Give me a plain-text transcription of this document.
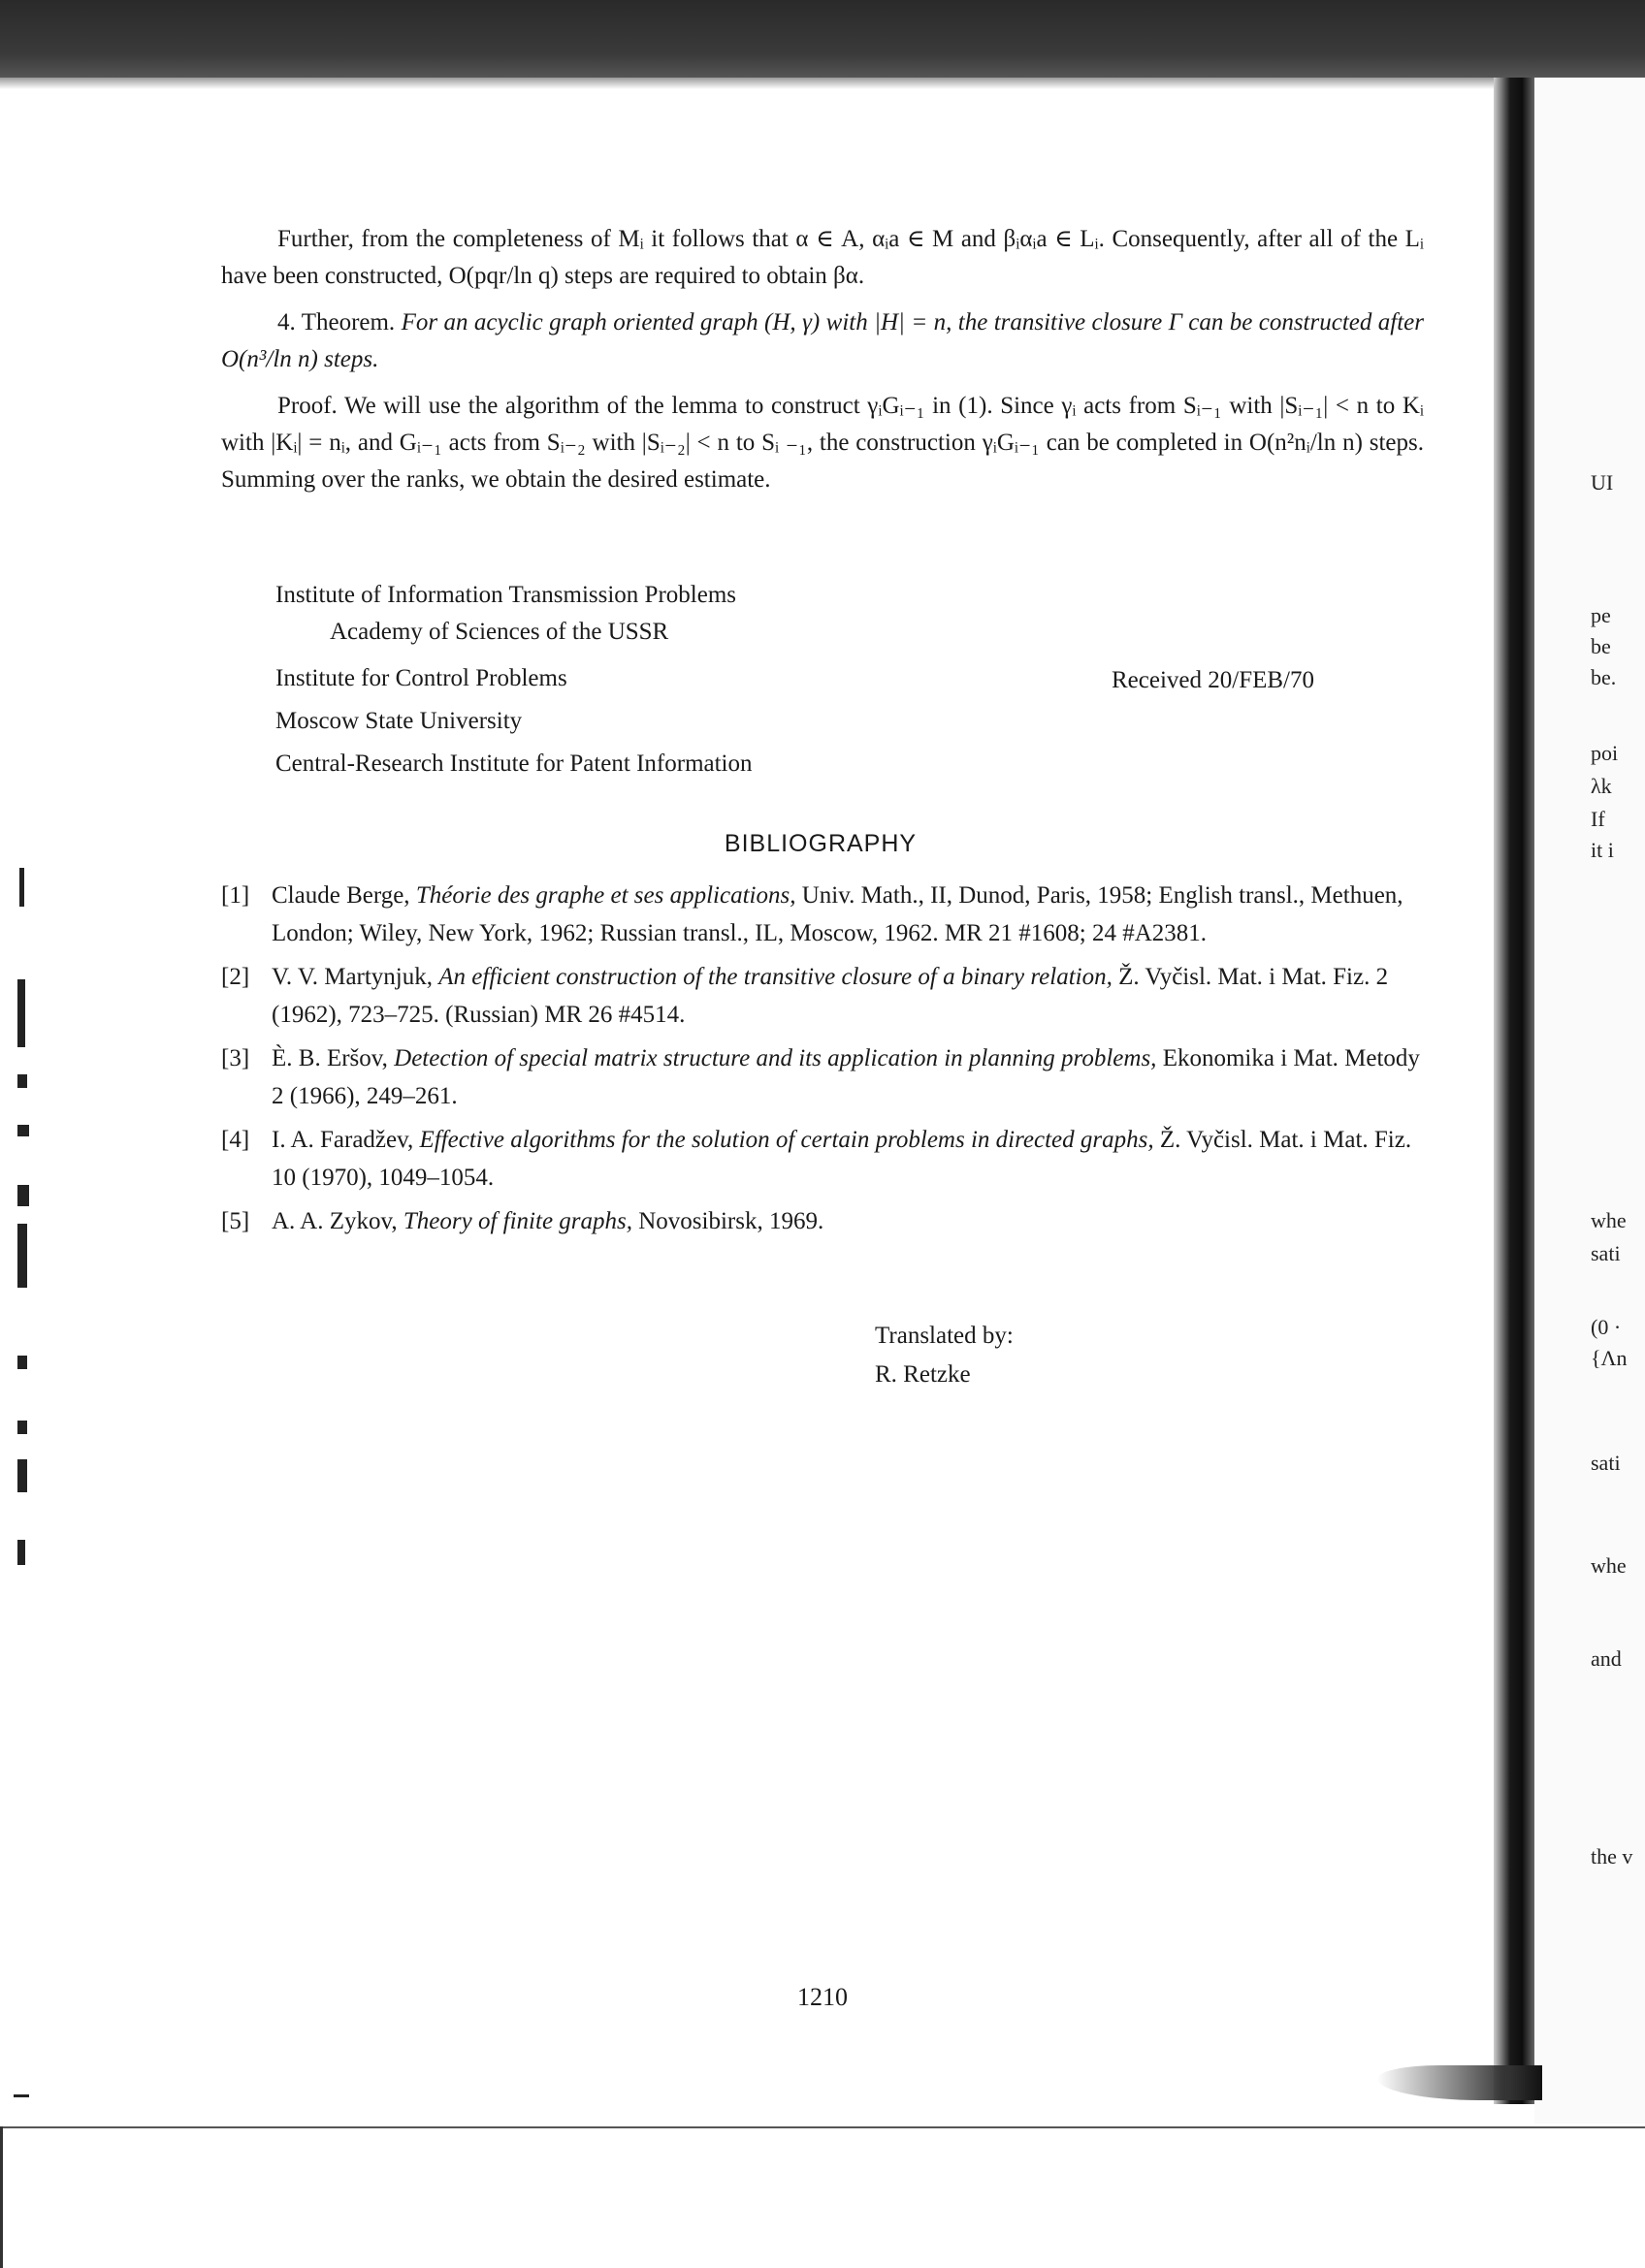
Further, from the completeness of Mᵢ it follows that α ∈ A, αᵢa ∈ M and βᵢαᵢa ∈ Lᵢ. Consequently, after all of the Lᵢ have been constructed, O(pqr/ln q) steps are required to obtain βα.

4. Theorem. For an acyclic graph oriented graph (H, γ) with |H| = n, the transitive closure Γ can be constructed after O(n³/ln n) steps.

Proof. We will use the algorithm of the lemma to construct γᵢGᵢ₋₁ in (1). Since γᵢ acts from Sᵢ₋₁ with |Sᵢ₋₁| < n to Kᵢ with |Kᵢ| = nᵢ, and Gᵢ₋₁ acts from Sᵢ₋₂ with |Sᵢ₋₂| < n to Sᵢ ₋₁, the construction γᵢGᵢ₋₁ can be completed in O(n²nᵢ/ln n) steps. Summing over the ranks, we obtain the desired estimate.

Institute of Information Transmission Problems
Academy of Sciences of the USSR
Institute for Control Problems
Moscow State University
Central-Research Institute for Patent Information
Received 20/FEB/70
BIBLIOGRAPHY
[1] Claude Berge, Théorie des graphe et ses applications, Univ. Math., II, Dunod, Paris, 1958; English transl., Methuen, London; Wiley, New York, 1962; Russian transl., IL, Moscow, 1962. MR 21 #1608; 24 #A2381.
[2] V. V. Martynjuk, An efficient construction of the transitive closure of a binary relation, Ž. Vyčisl. Mat. i Mat. Fiz. 2 (1962), 723–725. (Russian) MR 26 #4514.
[3] È. B. Eršov, Detection of special matrix structure and its application in planning problems, Ekonomika i Mat. Metody 2 (1966), 249–261.
[4] I. A. Faradžev, Effective algorithms for the solution of certain problems in directed graphs, Ž. Vyčisl. Mat. i Mat. Fiz. 10 (1970), 1049–1054.
[5] A. A. Zykov, Theory of finite graphs, Novosibirsk, 1969.
Translated by:
R. Retzke
1210
UI
pe
be
be.
poi
λk
If
it i
whe
sati
(0 ·
{Λn
sati
whe
and
the v
